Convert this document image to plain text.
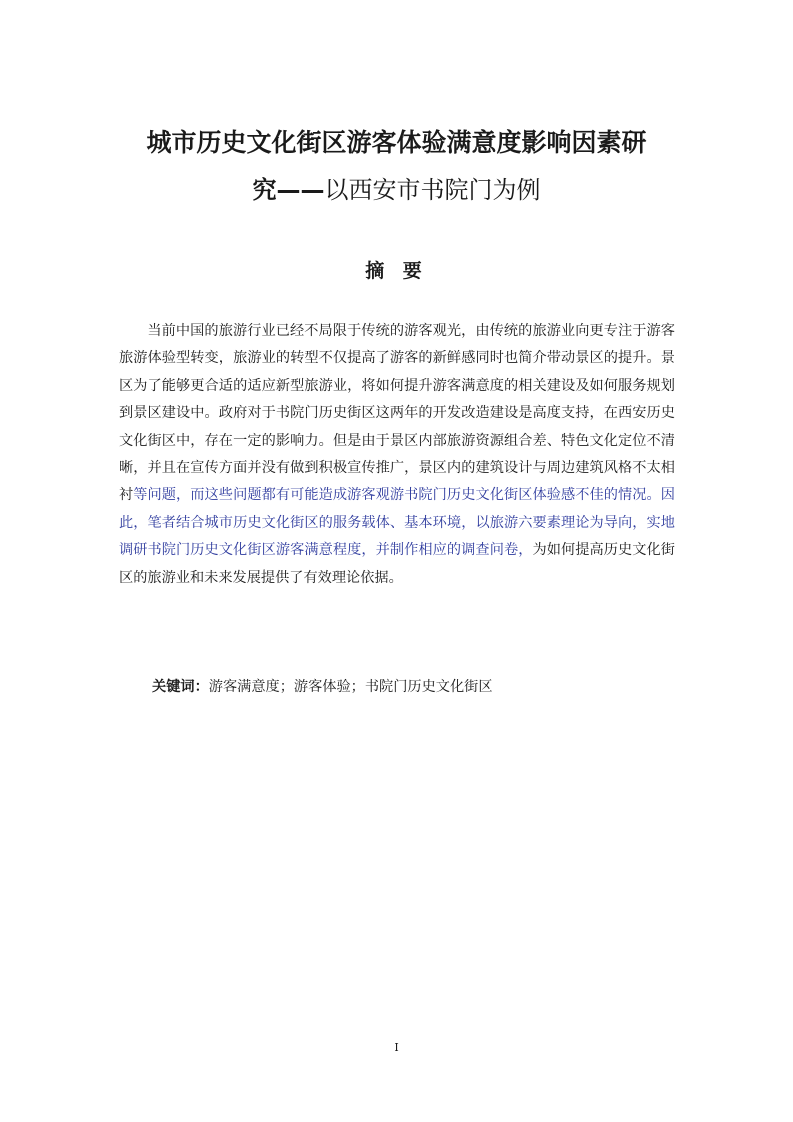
城市历史文化街区游客体验满意度影响因素研
究——以西安市书院门为例
摘 要

当前中国的旅游行业已经不局限于传统的游客观光，由传统的旅游业向更专注于游客旅游体验型转变，旅游业的转型不仅提高了游客的新鲜感同时也简介带动景区的提升。景区为了能够更合适的适应新型旅游业，将如何提升游客满意度的相关建设及如何服务规划到景区建设中。政府对于书院门历史街区这两年的开发改造建设是高度支持，在西安历史文化街区中，存在一定的影响力。但是由于景区内部旅游资源组合差、特色文化定位不清晰，并且在宣传方面并没有做到积极宣传推广，景区内的建筑设计与周边建筑风格不太相衬等问题，而这些问题都有可能造成游客观游书院门历史文化街区体验感不佳的情况。因此，笔者结合城市历史文化街区的服务载体、基本环境，以旅游六要素理论为导向，实地调研书院门历史文化街区游客满意程度，并制作相应的调查问卷，为如何提高历史文化街区的旅游业和未来发展提供了有效理论依据。

关键词：游客满意度；游客体验；书院门历史文化街区

I
